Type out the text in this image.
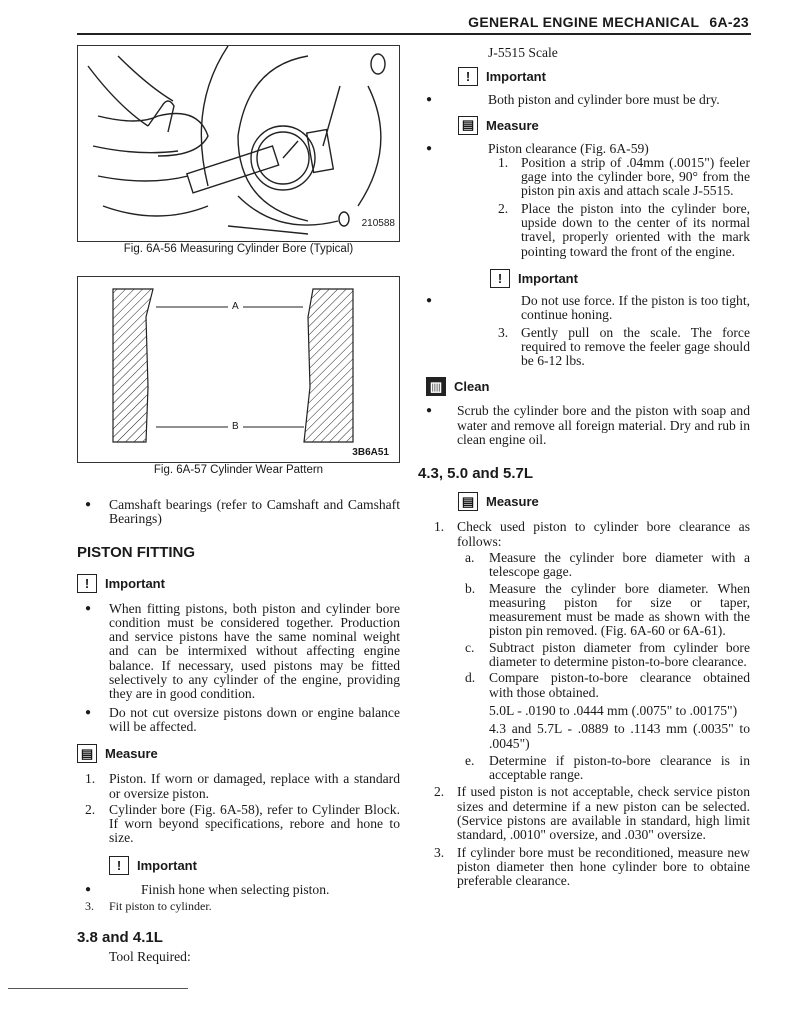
GENERAL ENGINE MECHANICAL 6A-23
210588
Fig. 6A-56 Measuring Cylinder Bore (Typical)
A
B
3B6A51
Fig. 6A-57 Cylinder Wear Pattern

● Camshaft bearings (refer to Camshaft and Camshaft Bearings)

PISTON FITTING
!	Important

● When fitting pistons, both piston and cylinder bore condition must be considered together. Production and service pistons have the same nominal weight and can be intermixed without affecting engine balance. If necessary, used pistons may be fitted selectively to any cylinder of the engine, providing they are in good condition.

● Do not cut oversize pistons down or engine balance will be affected.

▤ Measure

1. Piston. If worn or damaged, replace with a standard or oversize piston.

2. Cylinder bore (Fig. 6A-58), refer to Cylinder Block. If worn beyond specifications, rebore and hone to size.

!	Important

● Finish hone when selecting piston.

3. Fit piston to cylinder.

3.8 and 4.1L

Tool Required:

J-5515 Scale

!	Important

● Both piston and cylinder bore must be dry.

▤ Measure

● Piston clearance (Fig. 6A-59)

1. Position a strip of .04mm (.0015") feeler gage into the cylinder bore, 90° from the piston pin axis and attach scale J-5515.

2. Place the piston into the cylinder bore, upside down to the center of its normal travel, properly oriented with the mark pointing toward the front of the engine.

!	Important

● Do not use force. If the piston is too tight, continue honing.

3. Gently pull on the scale. The force required to remove the feeler gage should be 6-12 lbs.

▥ Clean

● Scrub the cylinder bore and the piston with soap and water and remove all foreign material. Dry and rub in clean engine oil.

4.3, 5.0 and 5.7L
▤ Measure

1. Check used piston to cylinder bore clearance as follows:

a. Measure the cylinder bore diameter with a telescope gage.

b. Measure the cylinder bore diameter. When measuring piston for size or taper, measurement must be made as shown with the piston pin removed. (Fig. 6A-60 or 6A-61).

c. Subtract piston diameter from cylinder bore diameter to determine piston-to-bore clearance.

d. Compare piston-to-bore clearance obtained with those obtained.

5.0L - .0190 to .0444 mm (.0075" to .00175")

4.3 and 5.7L - .0889 to .1143 mm (.0035" to .0045")

e. Determine if piston-to-bore clearance is in acceptable range.

2. If used piston is not acceptable, check service piston sizes and determine if a new piston can be selected. (Service pistons are available in standard, high limit standard, .0010" oversize, and .030" oversize.

3. If cylinder bore must be reconditioned, measure new piston diameter then hone cylinder bore to obtaine preferable clearance.
